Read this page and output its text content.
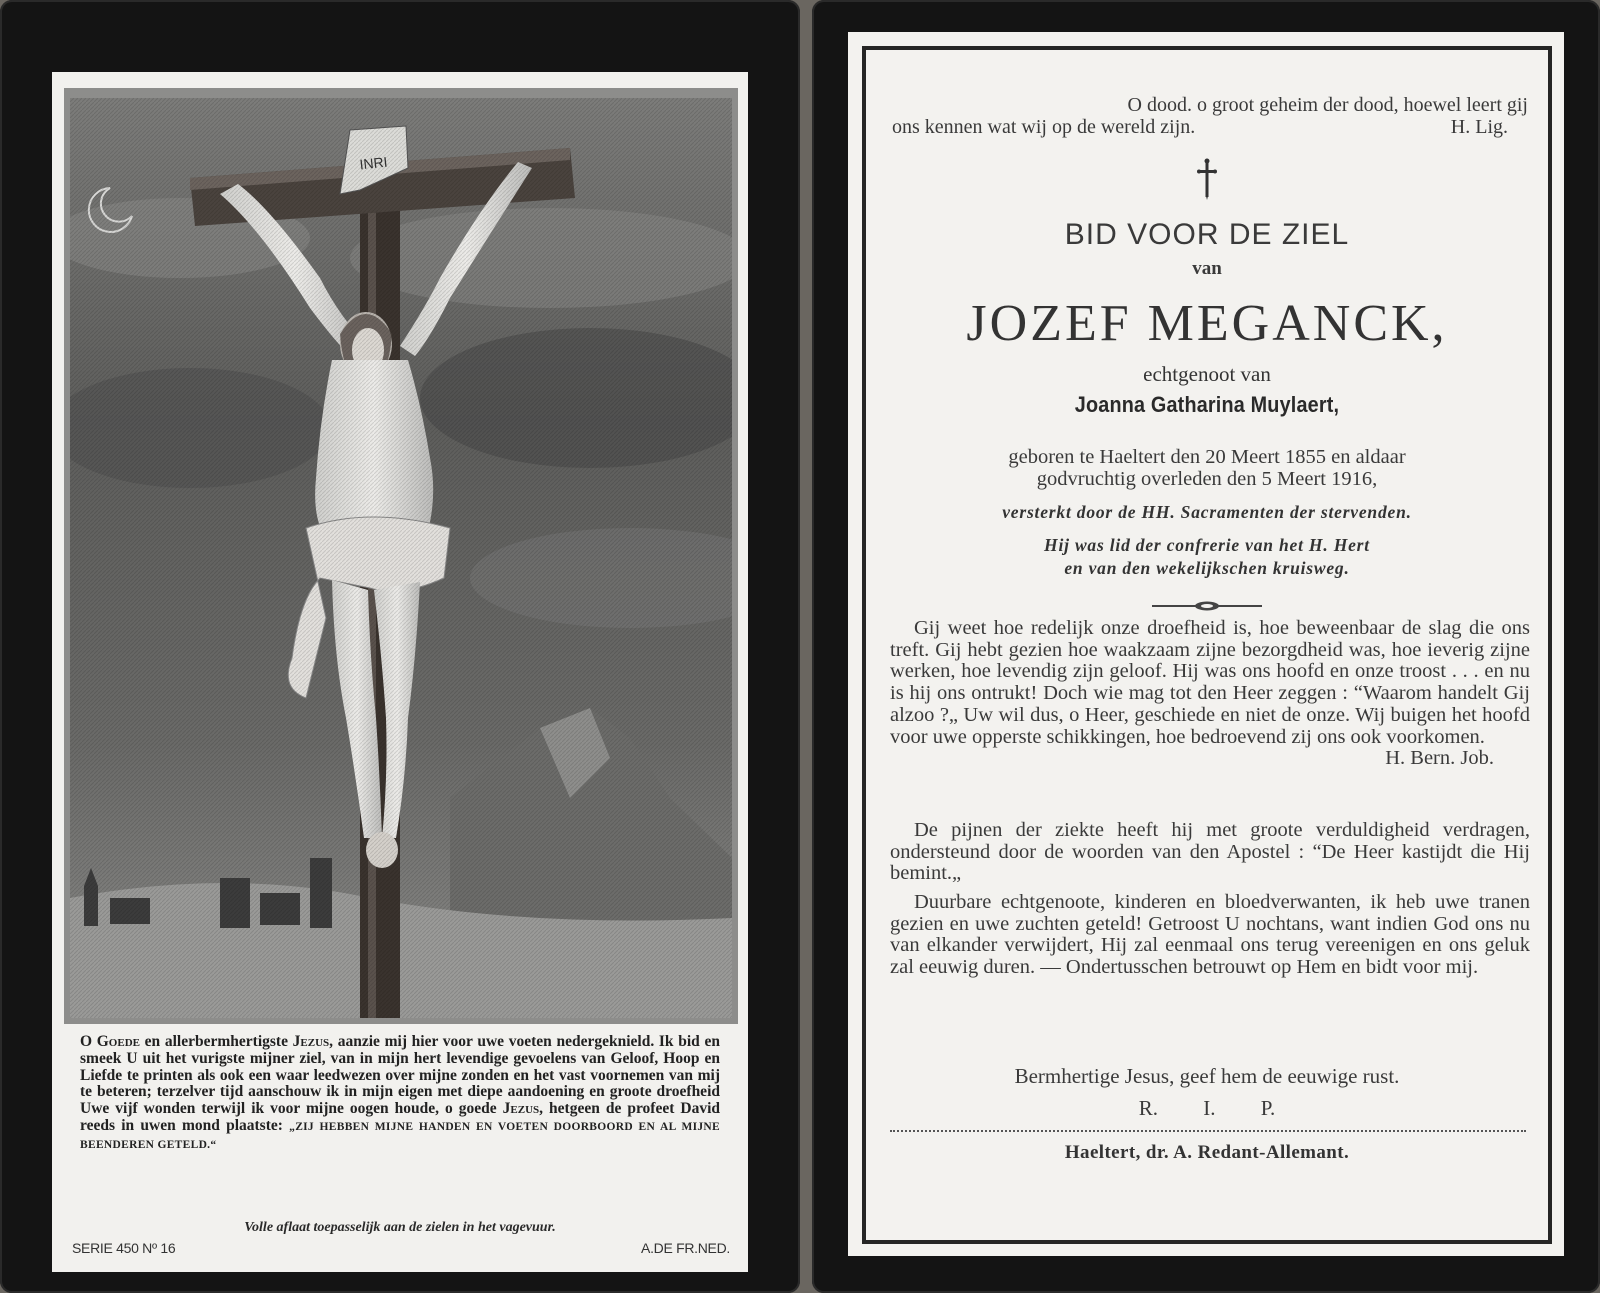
O Goede en allerbermhertigste Jezus, aanzie mij hier voor uwe voeten nedergeknield. Ik bid en smeek U uit het vurigste mijner ziel, van in mijn hert levendige gevoelens van Geloof, Hoop en Liefde te printen als ook een waar leedwezen over mijne zonden en het vast voornemen van mij te beteren; terzelver tijd aanschouw ik in mijn eigen met diepe aandoening en groote droefheid Uwe vijf wonden terwijl ik voor mijne oogen houde, o goede Jezus, hetgeen de profeet David reeds in uwen mond plaatste: „ZIJ HEBBEN MIJNE HANDEN EN VOETEN DOORBOORD EN AL MIJNE BEENDEREN GETELD.“
Volle aflaat toepasselijk aan de zielen in het vagevuur.
SERIE 450 Nº 16	A.DE FR.NED.
O dood. o groot geheim der dood, hoewel leert gij
ons kennen wat wij op de wereld zijn.	H. Lig.
BID VOOR DE ZIEL
van
JOZEF MEGANCK,
echtgenoot van
Joanna Gatharina Muylaert,
geboren te Haeltert den 20 Meert 1855 en aldaar
godvruchtig overleden den 5 Meert 1916,
versterkt door de HH. Sacramenten der stervenden.
Hij was lid der confrerie van het H. Hert
en van den wekelijkschen kruisweg.
Gij weet hoe redelijk onze droefheid is, hoe beweenbaar de slag die ons treft. Gij hebt gezien hoe waakzaam zijne bezorgdheid was, hoe ieverig zijne werken, hoe levendig zijn geloof. Hij was ons hoofd en onze troost . . . en nu is hij ons ontrukt! Doch wie mag tot den Heer zeggen : “Waarom handelt Gij alzoo ?„ Uw wil dus, o Heer, geschiede en niet de onze. Wij buigen het hoofd voor uwe opperste schikkingen, hoe bedroevend zij ons ook voorkomen.
H. Bern. Job.
De pijnen der ziekte heeft hij met groote verduldigheid verdragen, ondersteund door de woorden van den Apostel : “De Heer kastijdt die Hij bemint.„
Duurbare echtgenoote, kinderen en bloedverwanten, ik heb uwe tranen gezien en uwe zuchten geteld! Getroost U nochtans, want indien God ons nu van elkander verwijdert, Hij zal eenmaal ons terug vereenigen en ons geluk zal eeuwig duren. — Ondertusschen betrouwt op Hem en bidt voor mij.
Bermhertige Jesus, geef hem de eeuwige rust.
R. I. P.
Haeltert, dr. A. Redant-Allemant.
